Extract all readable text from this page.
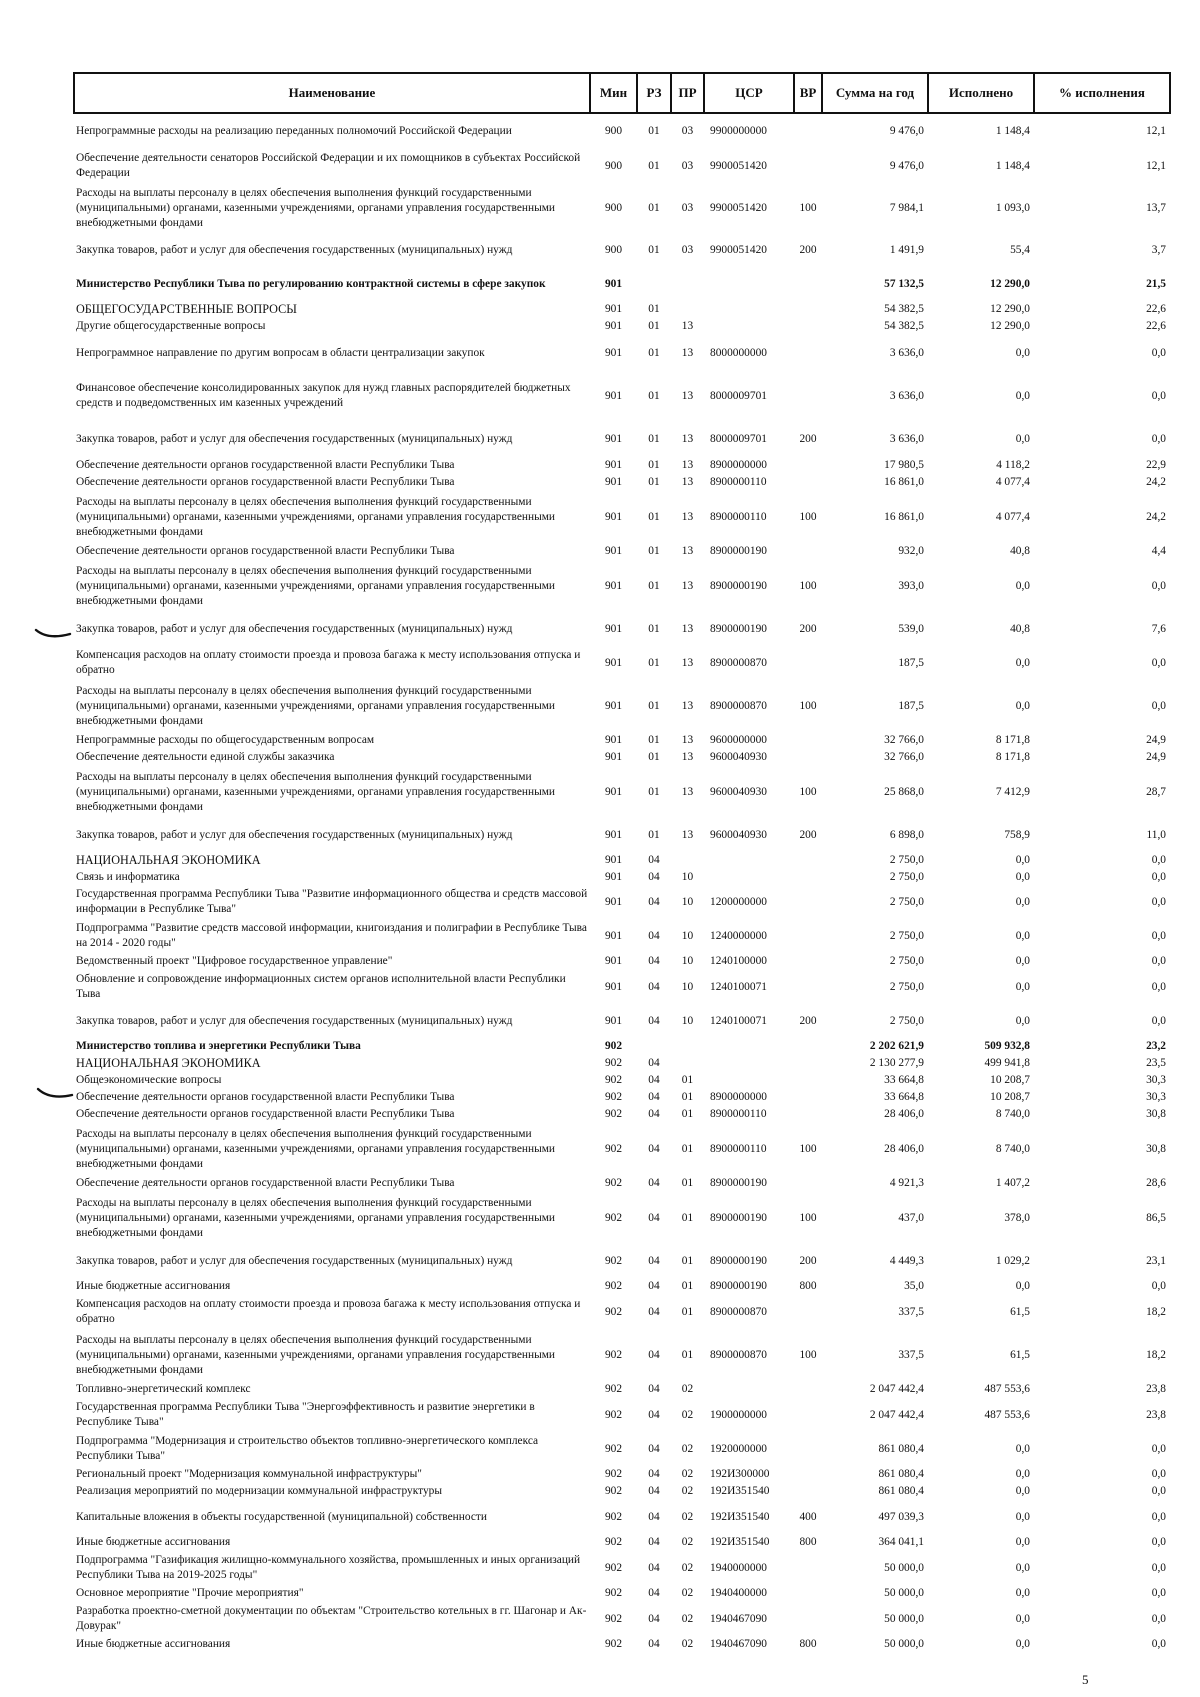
Наименование	Мин	РЗ	ПР	ЦСР	ВР	Сумма на год	Исполнено	% исполнения
Непрограммные расходы на реализацию переданных полномочий Российской Федерации	900	01	03	9900000000		9 476,0	1 148,4	12,1
Обеспечение деятельности сенаторов Российской Федерации и их помощников в субъектах Российской Федерации	900	01	03	9900051420		9 476,0	1 148,4	12,1
Расходы на выплаты персоналу в целях обеспечения выполнения функций государственными (муниципальными) органами, казенными учреждениями, органами управления государственными внебюджетными фондами	900	01	03	9900051420	100	7 984,1	1 093,0	13,7
Закупка товаров, работ и услуг для обеспечения государственных (муниципальных) нужд	900	01	03	9900051420	200	1 491,9	55,4	3,7
Министерство Республики Тыва по регулированию контрактной системы в сфере закупок	901					57 132,5	12 290,0	21,5
ОБЩЕГОСУДАРСТВЕННЫЕ ВОПРОСЫ	901	01				54 382,5	12 290,0	22,6
Другие общегосударственные вопросы	901	01	13			54 382,5	12 290,0	22,6
Непрограммное направление по другим вопросам в области централизации закупок	901	01	13	8000000000		3 636,0	0,0	0,0
Финансовое обеспечение консолидированных закупок для нужд главных распорядителей бюджетных средств и подведомственных им казенных учреждений	901	01	13	8000009701		3 636,0	0,0	0,0
Закупка товаров, работ и услуг для обеспечения государственных (муниципальных) нужд	901	01	13	8000009701	200	3 636,0	0,0	0,0
Обеспечение деятельности органов государственной власти Республики Тыва	901	01	13	8900000000		17 980,5	4 118,2	22,9
Обеспечение деятельности органов государственной власти Республики Тыва	901	01	13	8900000110		16 861,0	4 077,4	24,2
Расходы на выплаты персоналу в целях обеспечения выполнения функций государственными (муниципальными) органами, казенными учреждениями, органами управления государственными внебюджетными фондами	901	01	13	8900000110	100	16 861,0	4 077,4	24,2
Обеспечение деятельности органов государственной власти Республики Тыва	901	01	13	8900000190		932,0	40,8	4,4
Расходы на выплаты персоналу в целях обеспечения выполнения функций государственными (муниципальными) органами, казенными учреждениями, органами управления государственными внебюджетными фондами	901	01	13	8900000190	100	393,0	0,0	0,0
Закупка товаров, работ и услуг для обеспечения государственных (муниципальных) нужд	901	01	13	8900000190	200	539,0	40,8	7,6
Компенсация расходов на оплату стоимости проезда и провоза багажа к месту использования отпуска и обратно	901	01	13	8900000870		187,5	0,0	0,0
Расходы на выплаты персоналу в целях обеспечения выполнения функций государственными (муниципальными) органами, казенными учреждениями, органами управления государственными внебюджетными фондами	901	01	13	8900000870	100	187,5	0,0	0,0
Непрограммные расходы по общегосударственным вопросам	901	01	13	9600000000		32 766,0	8 171,8	24,9
Обеспечение деятельности единой службы заказчика	901	01	13	9600040930		32 766,0	8 171,8	24,9
Расходы на выплаты персоналу в целях обеспечения выполнения функций государственными (муниципальными) органами, казенными учреждениями, органами управления государственными внебюджетными фондами	901	01	13	9600040930	100	25 868,0	7 412,9	28,7
Закупка товаров, работ и услуг для обеспечения государственных (муниципальных) нужд	901	01	13	9600040930	200	6 898,0	758,9	11,0
НАЦИОНАЛЬНАЯ ЭКОНОМИКА	901	04				2 750,0	0,0	0,0
Связь и информатика	901	04	10			2 750,0	0,0	0,0
Государственная программа Республики Тыва "Развитие информационного общества и средств массовой информации в Республике Тыва"	901	04	10	1200000000		2 750,0	0,0	0,0
Подпрограмма "Развитие средств массовой информации, книгоиздания и полиграфии в Республике Тыва на 2014 - 2020 годы"	901	04	10	1240000000		2 750,0	0,0	0,0
Ведомственный проект "Цифровое государственное управление"	901	04	10	1240100000		2 750,0	0,0	0,0
Обновление и сопровождение информационных систем органов исполнительной власти Республики Тыва	901	04	10	1240100071		2 750,0	0,0	0,0
Закупка товаров, работ и услуг для обеспечения государственных (муниципальных) нужд	901	04	10	1240100071	200	2 750,0	0,0	0,0
Министерство топлива и энергетики Республики Тыва	902					2 202 621,9	509 932,8	23,2
НАЦИОНАЛЬНАЯ ЭКОНОМИКА	902	04				2 130 277,9	499 941,8	23,5
Общеэкономические вопросы	902	04	01			33 664,8	10 208,7	30,3
Обеспечение деятельности органов государственной власти Республики Тыва	902	04	01	8900000000		33 664,8	10 208,7	30,3
Обеспечение деятельности органов государственной власти Республики Тыва	902	04	01	8900000110		28 406,0	8 740,0	30,8
Расходы на выплаты персоналу в целях обеспечения выполнения функций государственными (муниципальными) органами, казенными учреждениями, органами управления государственными внебюджетными фондами	902	04	01	8900000110	100	28 406,0	8 740,0	30,8
Обеспечение деятельности органов государственной власти Республики Тыва	902	04	01	8900000190		4 921,3	1 407,2	28,6
Расходы на выплаты персоналу в целях обеспечения выполнения функций государственными (муниципальными) органами, казенными учреждениями, органами управления государственными внебюджетными фондами	902	04	01	8900000190	100	437,0	378,0	86,5
Закупка товаров, работ и услуг для обеспечения государственных (муниципальных) нужд	902	04	01	8900000190	200	4 449,3	1 029,2	23,1
Иные бюджетные ассигнования	902	04	01	8900000190	800	35,0	0,0	0,0
Компенсация расходов на оплату стоимости проезда и провоза багажа к месту использования отпуска и обратно	902	04	01	8900000870		337,5	61,5	18,2
Расходы на выплаты персоналу в целях обеспечения выполнения функций государственными (муниципальными) органами, казенными учреждениями, органами управления государственными внебюджетными фондами	902	04	01	8900000870	100	337,5	61,5	18,2
Топливно-энергетический комплекс	902	04	02			2 047 442,4	487 553,6	23,8
Государственная программа Республики Тыва "Энергоэффективность и развитие энергетики в Республике Тыва"	902	04	02	1900000000		2 047 442,4	487 553,6	23,8
Подпрограмма "Модернизация и строительство объектов топливно-энергетического комплекса Республики Тыва"	902	04	02	1920000000		861 080,4	0,0	0,0
Региональный проект "Модернизация коммунальной инфраструктуры"	902	04	02	192И300000		861 080,4	0,0	0,0
Реализация мероприятий по модернизации коммунальной инфраструктуры	902	04	02	192И351540		861 080,4	0,0	0,0
Капитальные вложения в объекты государственной (муниципальной) собственности	902	04	02	192И351540	400	497 039,3	0,0	0,0
Иные бюджетные ассигнования	902	04	02	192И351540	800	364 041,1	0,0	0,0
Подпрограмма "Газификация жилищно-коммунального хозяйства, промышленных и иных организаций Республики Тыва на 2019-2025 годы"	902	04	02	1940000000		50 000,0	0,0	0,0
Основное мероприятие "Прочие мероприятия"	902	04	02	1940400000		50 000,0	0,0	0,0
Разработка проектно-сметной документации по объектам "Строительство котельных в гг. Шагонар и Ак-Довурак"	902	04	02	1940467090		50 000,0	0,0	0,0
Иные бюджетные ассигнования	902	04	02	1940467090	800	50 000,0	0,0	0,0
5
